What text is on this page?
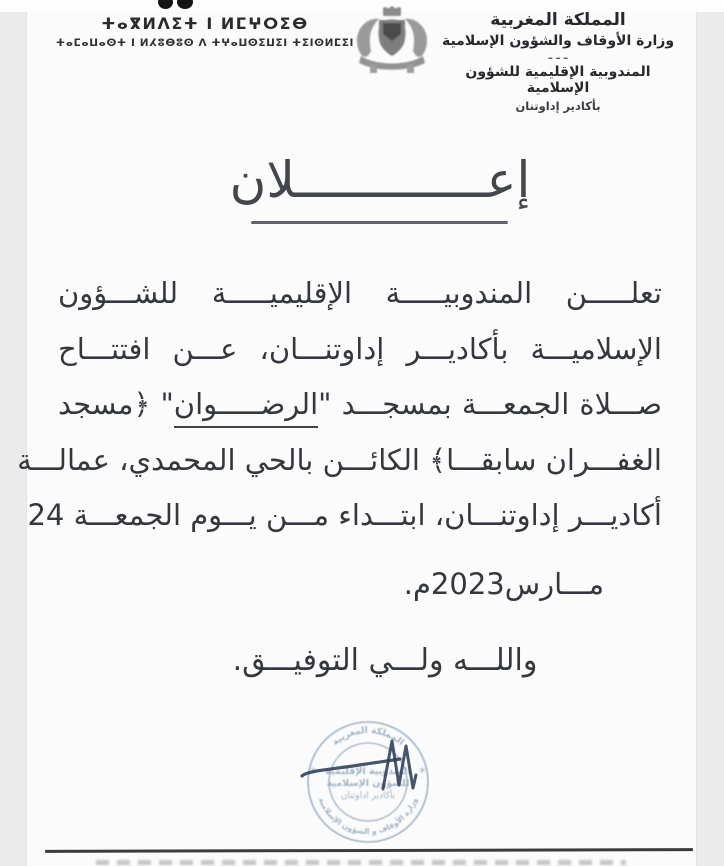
ⵜⴰⴳⵍⴷⵉⵜ ⵏ ⵍⵎⵖⵔⵉⴱ
ⵜⴰⵎⴰⵡⴰⵙⵜ ⵏ ⵍⵃⵓⴱⵓⵙ ⴷ ⵜⵖⴰⵡⵙⵉⵡⵉⵏ ⵜⵉⵏⵙⵍⵎⵉⵏ
المملكة المغربية
وزارة الأوقاف والشؤون الإسلامية
ـ ـ ـ
المندوبية الإقليمية للشؤون الإسلامية
بأكادير إداوتنان
إعـــــــــــــلان
تعلـــــن المندوبيـــــة الإقليميـــــة للشـــؤون
الإسلاميـــة بأكاديـــر إداوتنـــان، عـــن افتتـــاح
صـــلاة الجمعـــة بمسجـــد "الرضـــــوان" ﴿مسجد
الغفـــران سابقـــا﴾ الكائـــن بالحي المحمدي، عمالـــة
أكاديـــر إداوتنـــان، ابتـــداء مـــن يـــوم الجمعـــة 24
مـــارس2023م.
واللـــه ولـــي التوفيـــق.
المملكة المغربية
وزارة الأوقاف و الشؤون الإسلامية
*	*
المندوبية الإقليمية
للشؤون الإسلامية
بأكادير اداوتنان
